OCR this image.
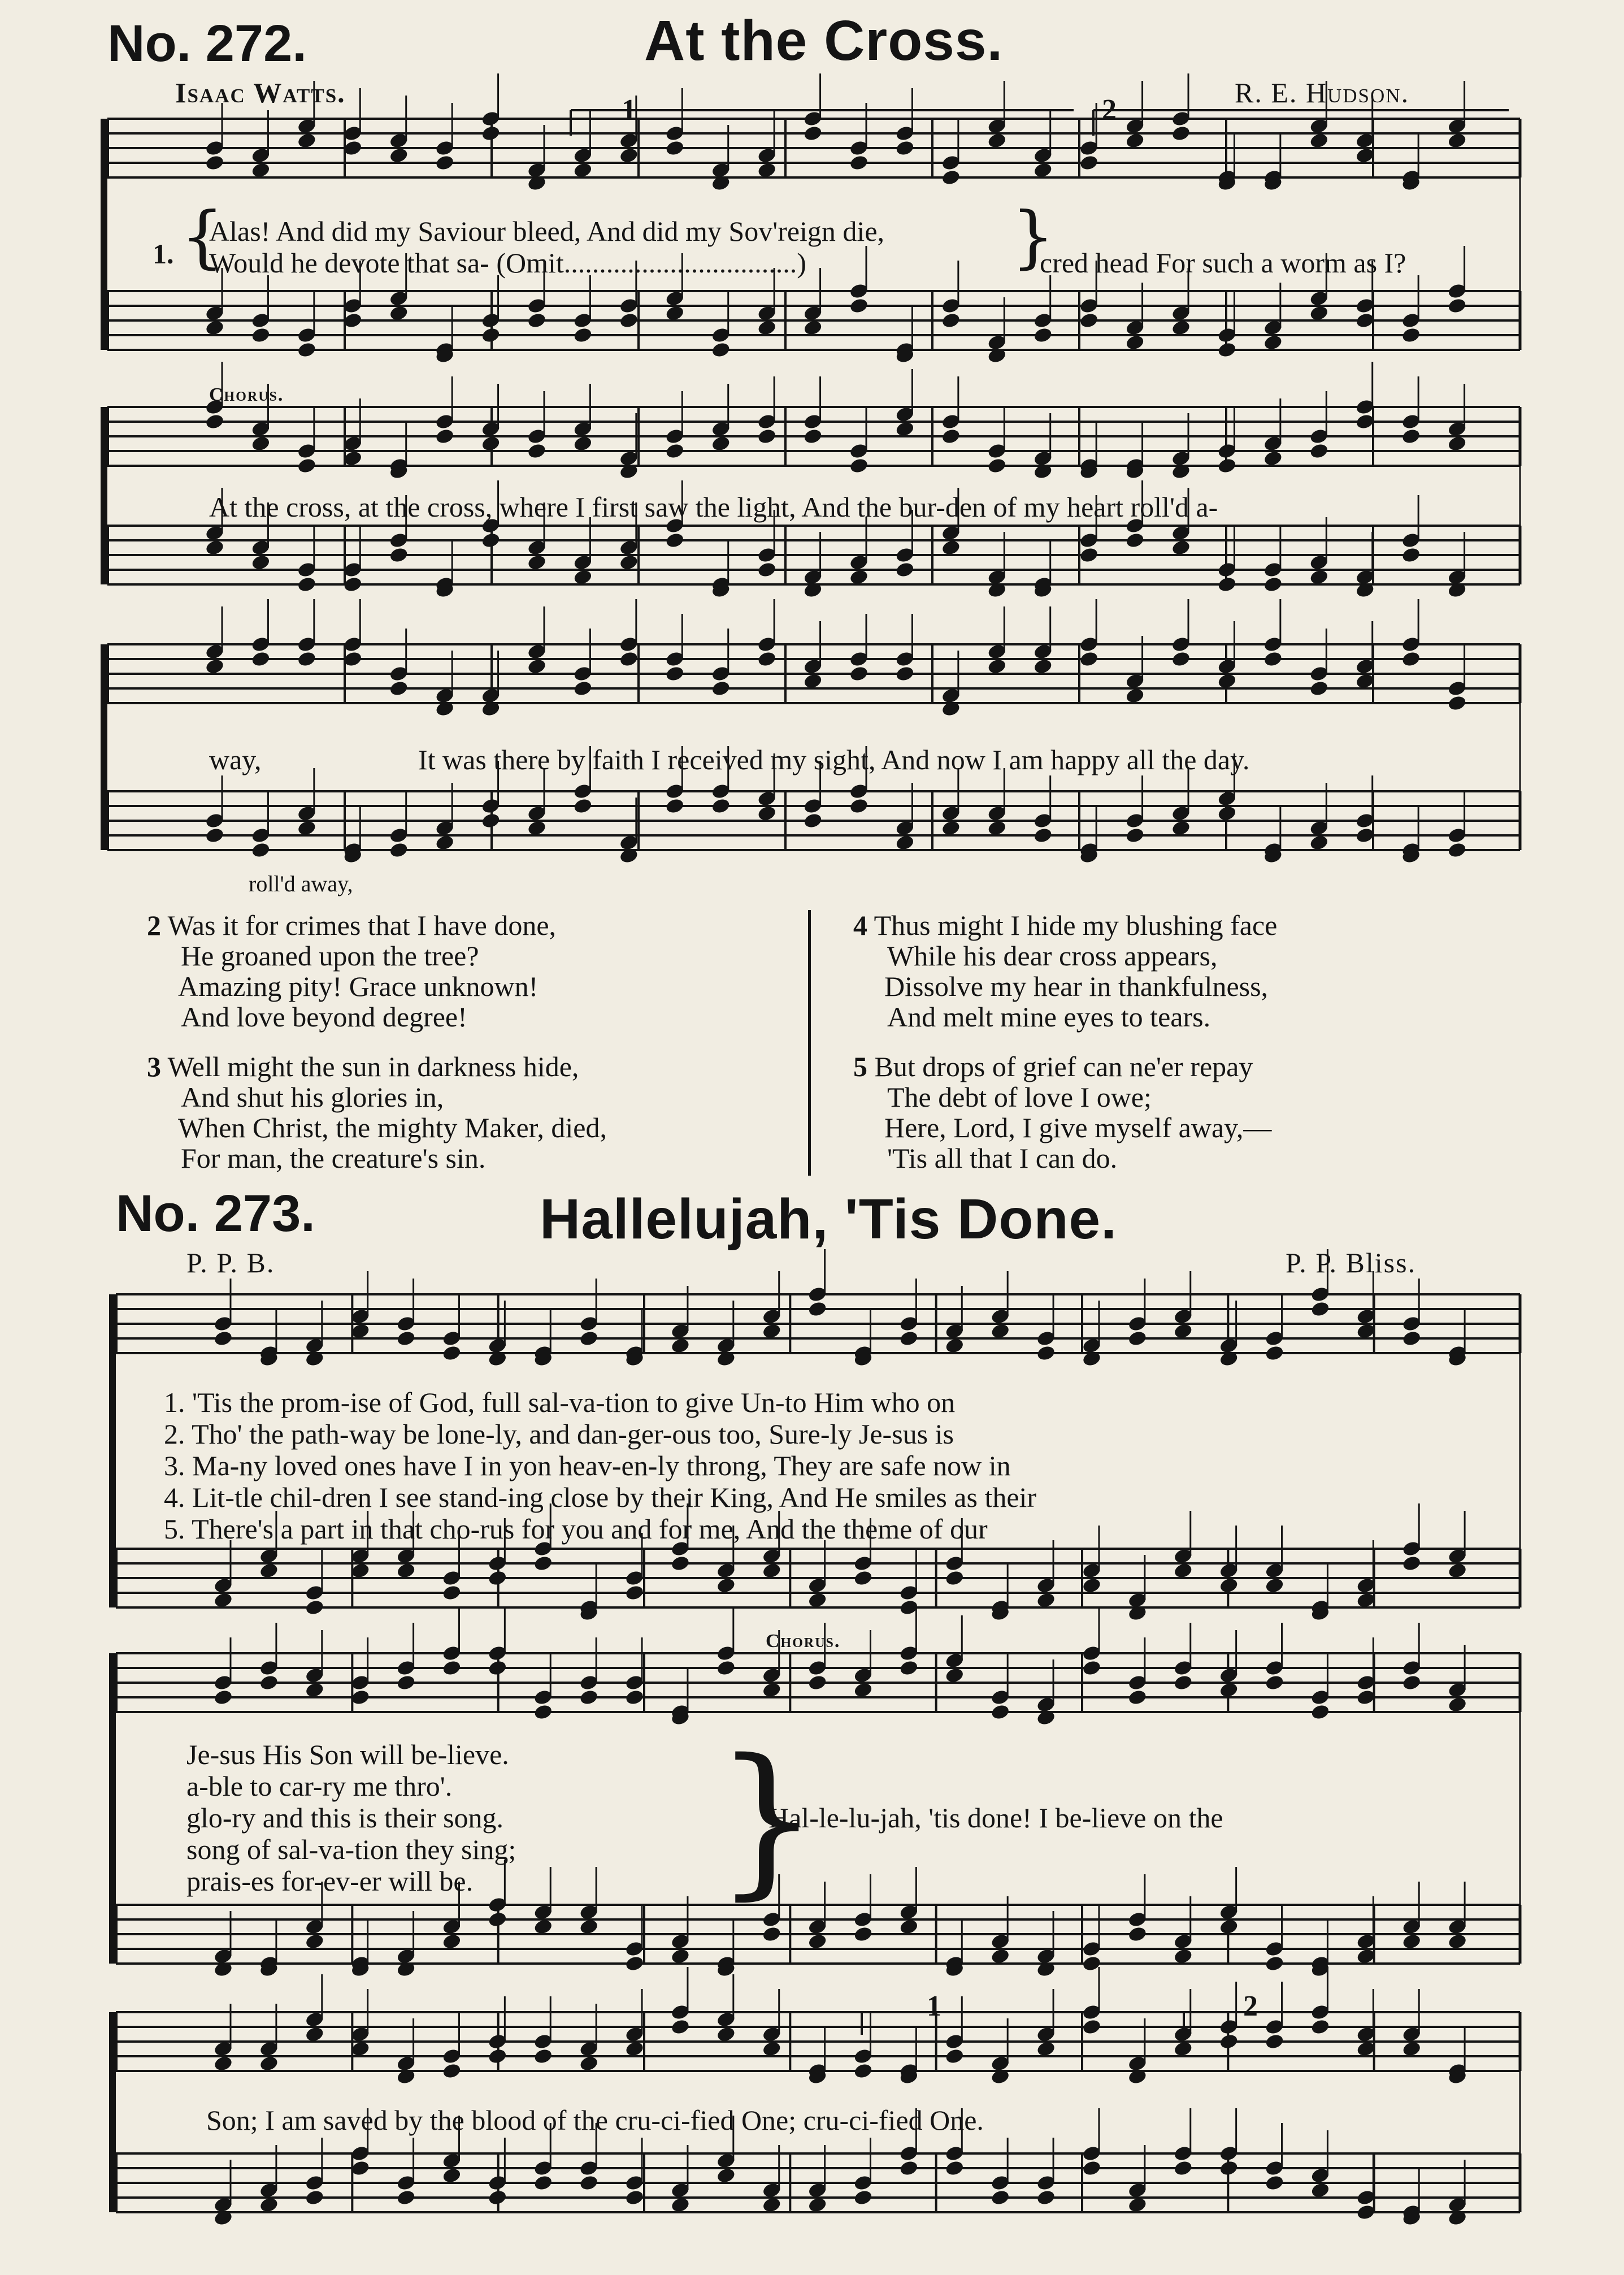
No. 272.	At the Cross.
Isaac Watts.	R. E. Hudson.
1	2
1. {
Alas! And did my Saviour bleed, And did my Sov'reign die,
Would he devote that sa- (Omit.................................)	}
cred head For such a worm as I?
Chorus.
At the cross, at the cross, where I first saw the light, And the bur-den of my heart roll'd a-
way,	It was there by faith I received my sight, And now I am happy all the day.
roll'd away,
2 Was it for crimes that I have done,
He groaned upon the tree?
Amazing pity! Grace unknown!
And love beyond degree!
3 Well might the sun in darkness hide,
And shut his glories in,
When Christ, the mighty Maker, died,
For man, the creature's sin.
4 Thus might I hide my blushing face
While his dear cross appears,
Dissolve my hear in thankfulness,
And melt mine eyes to tears.
5 But drops of grief can ne'er repay
The debt of love I owe;
Here, Lord, I give myself away,—
'Tis all that I can do.
No. 273.	Hallelujah, 'Tis Done.
P. P. B.	P. P. Bliss.
1. 'Tis the prom-ise of God, full sal-va-tion to give Un-to Him who on
2. Tho' the path-way be lone-ly, and dan-ger-ous too, Sure-ly Je-sus is
3. Ma-ny loved ones have I in yon heav-en-ly throng, They are safe now in
4. Lit-tle chil-dren I see stand-ing close by their King, And He smiles as their
5. There's a part in that cho-rus for you and for me, And the theme of our
Chorus.
Je-sus His Son will be-lieve.
a-ble to car-ry me thro'.
glo-ry and this is their song.
song of sal-va-tion they sing;
prais-es for-ev-er will be. }
Hal-le-lu-jah, 'tis done! I be-lieve on the
1	2
Son; I am saved by the blood of the cru-ci-fied One; cru-ci-fied One.
